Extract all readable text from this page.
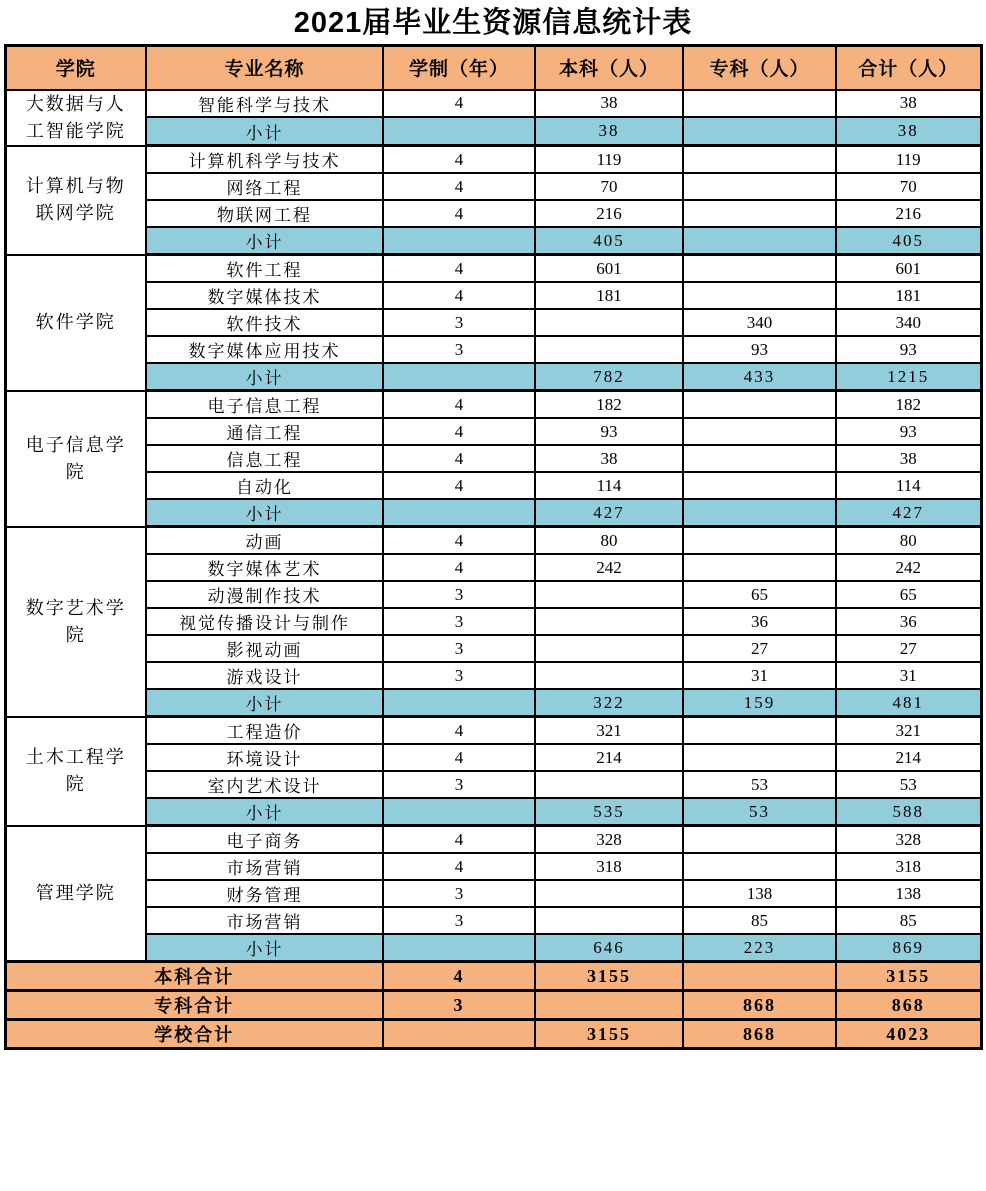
2021届毕业生资源信息统计表
学院	专业名称	学制（年）	本科（人）	专科（人）	合计（人）
大数据与人工智能学院	智能科学与技术	4	38		38
	小计		38		38
计算机与物联网学院	计算机科学与技术	4	119		119
	网络工程	4	70		70
	物联网工程	4	216		216
	小计		405		405
软件学院	软件工程	4	601		601
	数字媒体技术	4	181		181
	软件技术	3		340	340
	数字媒体应用技术	3		93	93
	小计		782	433	1215
电子信息学院	电子信息工程	4	182		182
	通信工程	4	93		93
	信息工程	4	38		38
	自动化	4	114		114
	小计		427		427
数字艺术学院	动画	4	80		80
	数字媒体艺术	4	242		242
	动漫制作技术	3		65	65
	视觉传播设计与制作	3		36	36
	影视动画	3		27	27
	游戏设计	3		31	31
	小计		322	159	481
土木工程学院	工程造价	4	321		321
	环境设计	4	214		214
	室内艺术设计	3		53	53
	小计		535	53	588
管理学院	电子商务	4	328		328
	市场营销	4	318		318
	财务管理	3		138	138
	市场营销	3		85	85
	小计		646	223	869
本科合计		4	3155		3155
专科合计		3		868	868
学校合计			3155	868	4023
